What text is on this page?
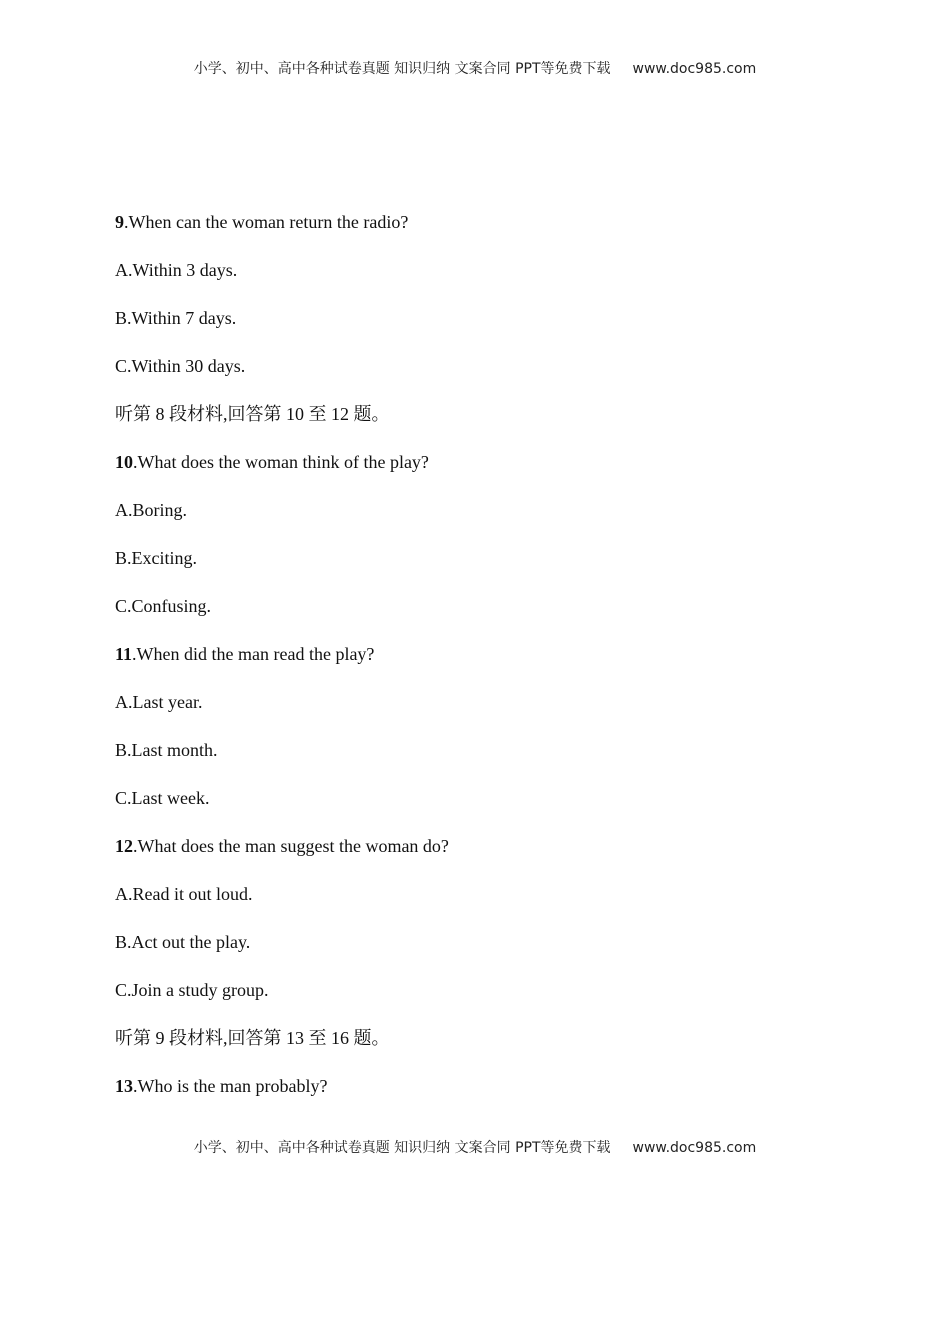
小学、初中、高中各种试卷真题 知识归纳 文案合同 PPT等免费下载 www.doc985.com
9.When can the woman return the radio?
A.Within 3 days.
B.Within 7 days.
C.Within 30 days.
听第 8 段材料,回答第 10 至 12 题。
10.What does the woman think of the play?
A.Boring.
B.Exciting.
C.Confusing.
11.When did the man read the play?
A.Last year.
B.Last month.
C.Last week.
12.What does the man suggest the woman do?
A.Read it out loud.
B.Act out the play.
C.Join a study group.
听第 9 段材料,回答第 13 至 16 题。
13.Who is the man probably?
小学、初中、高中各种试卷真题 知识归纳 文案合同 PPT等免费下载 www.doc985.com
